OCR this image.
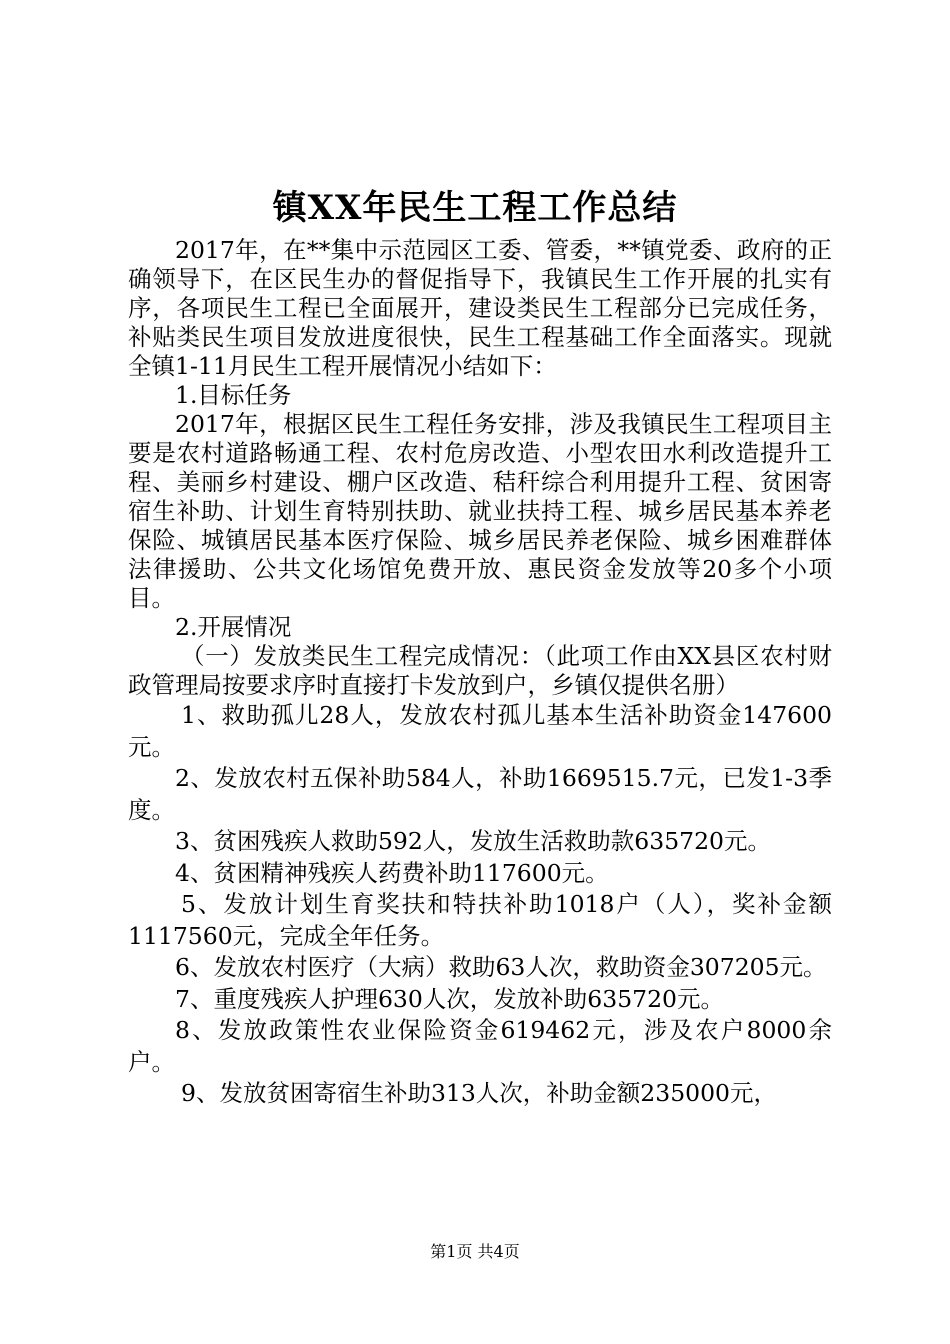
镇XX年民生工程工作总结

2017年，在**集中示范园区工委、管委，**镇党委、政府的正确领导下，在区民生办的督促指导下，我镇民生工作开展的扎实有序，各项民生工程已全面展开，建设类民生工程部分已完成任务，补贴类民生项目发放进度很快，民生工程基础工作全面落实。现就全镇1-11月民生工程开展情况小结如下：

1.目标任务

2017年，根据区民生工程任务安排，涉及我镇民生工程项目主要是农村道路畅通工程、农村危房改造、小型农田水利改造提升工程、美丽乡村建设、棚户区改造、秸秆综合利用提升工程、贫困寄宿生补助、计划生育特别扶助、就业扶持工程、城乡居民基本养老保险、城镇居民基本医疗保险、城乡居民养老保险、城乡困难群体法律援助、公共文化场馆免费开放、惠民资金发放等20多个小项目。

2.开展情况

（一）发放类民生工程完成情况：（此项工作由XX县区农村财政管理局按要求序时直接打卡发放到户，乡镇仅提供名册）

1、救助孤儿28人，发放农村孤儿基本生活补助资金147600元。

2、发放农村五保补助584人，补助1669515.7元，已发1-3季度。

3、贫困残疾人救助592人，发放生活救助款635720元。

4、贫困精神残疾人药费补助117600元。

5、发放计划生育奖扶和特扶补助1018户（人），奖补金额1117560元，完成全年任务。

6、发放农村医疗（大病）救助63人次，救助资金307205元。

7、重度残疾人护理630人次，发放补助635720元。

8、发放政策性农业保险资金619462元，涉及农户8000余户。

9、发放贫困寄宿生补助313人次，补助金额235000元，

第1页 共4页
